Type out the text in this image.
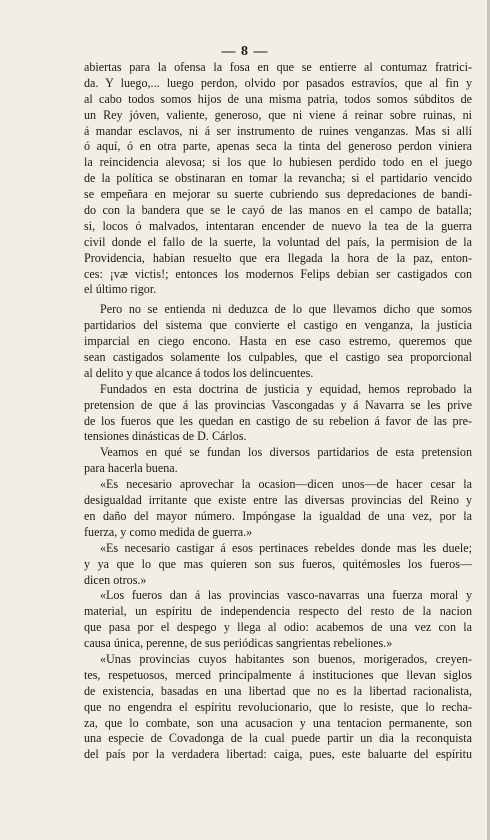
— 8 —
abiertas para la ofensa la fosa en que se entierre al contumaz fratrici-
da. Y luego,... luego perdon, olvido por pasados estravíos, que al fin y
al cabo todos somos hijos de una misma patria, todos somos súbditos de
un Rey jóven, valiente, generoso, que ni viene á reinar sobre ruinas, ni
á mandar esclavos, ni á ser instrumento de ruines venganzas. Mas si allí
ó aquí, ó en otra parte, apenas seca la tinta del generoso perdon viniera
la reincidencia alevosa; si los que lo hubiesen perdido todo en el juego
de la política se obstinaran en tomar la revancha; si el partidario vencido
se empeñara en mejorar su suerte cubriendo sus depredaciones de bandi-
do con la bandera que se le cayó de las manos en el campo de batalla;
si, locos ó malvados, intentaran encender de nuevo la tea de la guerra
civil donde el fallo de la suerte, la voluntad del país, la permision de la
Providencia, habian resuelto que era llegada la hora de la paz, enton-
ces: ¡væ victis!; entonces los modernos Felips debian ser castigados con
el último rigor.
Pero no se entienda ni deduzca de lo que llevamos dicho que somos
partidarios del sistema que convierte el castigo en venganza, la justicia
imparcial en ciego encono. Hasta en ese caso estremo, queremos que
sean castigados solamente los culpables, que el castigo sea proporcional
al delito y que alcance á todos los delincuentes.
Fundados en esta doctrina de justicia y equidad, hemos reprobado la
pretension de que á las provincias Vascongadas y á Navarra se les prive
de los fueros que les quedan en castigo de su rebelion á favor de las pre-
tensiones dinásticas de D. Cárlos.
Veamos en qué se fundan los diversos partidarios de esta pretension
para hacerla buena.
«Es necesario aprovechar la ocasion—dicen unos—de hacer cesar la
desigualdad irritante que existe entre las diversas provincias del Reino y
en daño del mayor número. Impóngase la igualdad de una vez, por la
fuerza, y como medida de guerra.»
«Es necesario castigar á esos pertinaces rebeldes donde mas les duele;
y ya que lo que mas quieren son sus fueros, quitémosles los fueros—
dicen otros.»
«Los fueros dan á las provincias vasco-navarras una fuerza moral y
material, un espíritu de independencia respecto del resto de la nacion
que pasa por el despego y llega al odio: acabemos de una vez con la
causa única, perenne, de sus periódicas sangrientas rebeliones.»
«Unas provincias cuyos habitantes son buenos, morigerados, creyen-
tes, respetuosos, merced principalmente á instituciones que llevan siglos
de existencia, basadas en una libertad que no es la libertad racionalista,
que no engendra el espíritu revolucionario, que lo resiste, que lo recha-
za, que lo combate, son una acusacion y una tentacion permanente, son
una especie de Covadonga de la cual puede partir un dia la reconquista
del país por la verdadera libertad: caiga, pues, este baluarte del espíritu
